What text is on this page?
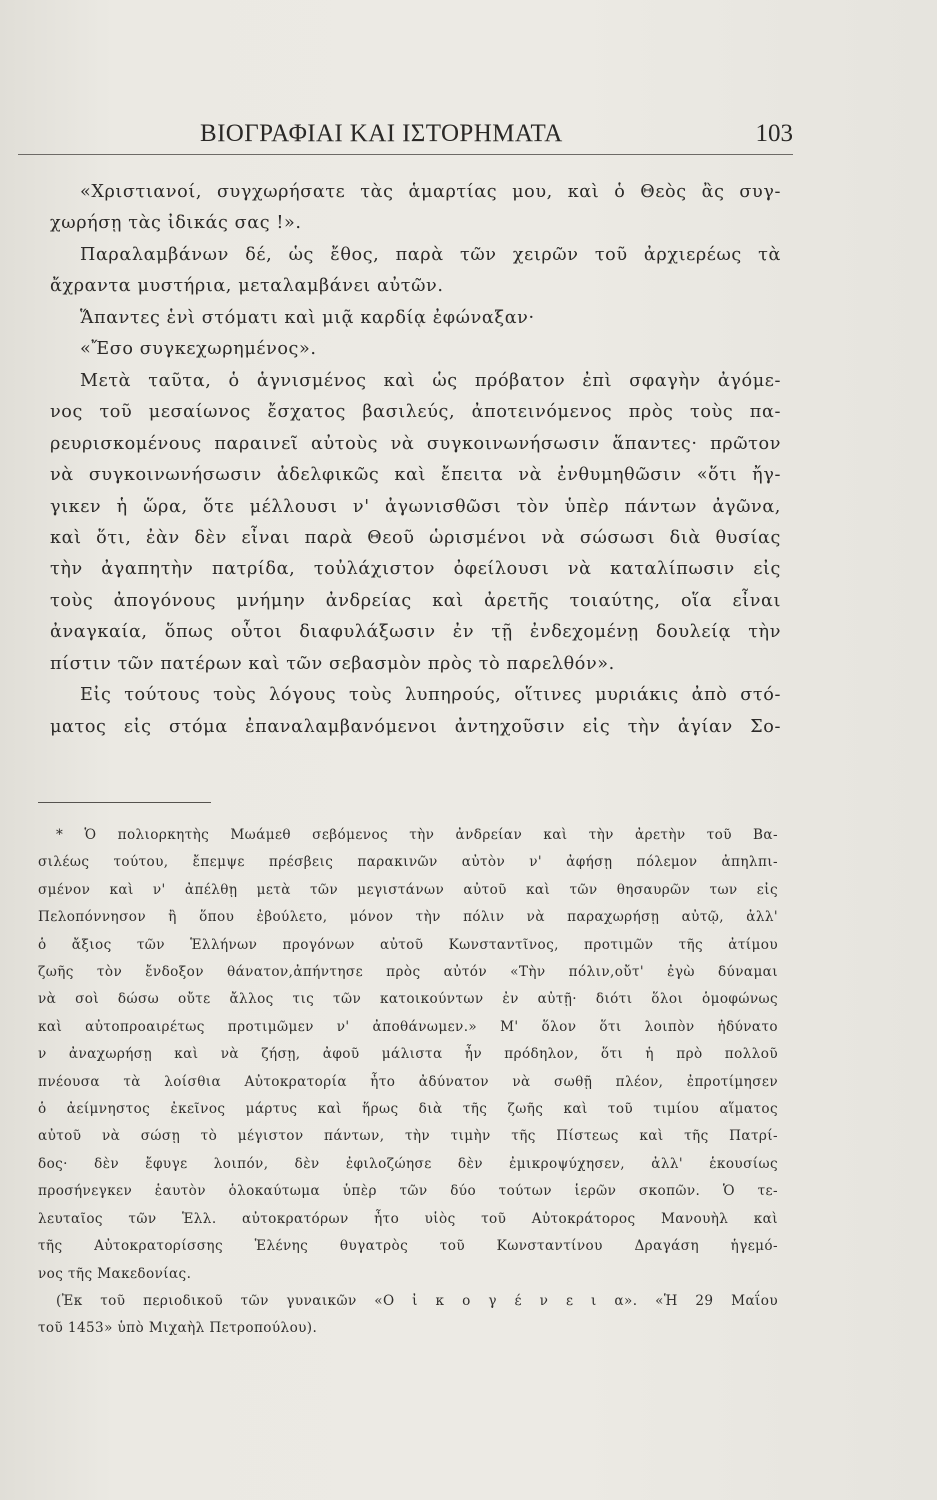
ΒΙΟΓΡΑΦΙΑΙ ΚΑΙ ΙΣΤΟΡΗΜΑΤΑ	103
«Χριστιανοί, συγχωρήσατε τὰς ἁμαρτίας μου, καὶ ὁ Θεὸς ἂς συγ-
χωρήσῃ τὰς ἰδικάς σας !».
Παραλαμβάνων δέ, ὡς ἔθος, παρὰ τῶν χειρῶν τοῦ ἀρχιερέως τὰ
ἄχραντα μυστήρια, μεταλαμβάνει αὐτῶν.
Ἅπαντες ἑνὶ στόματι καὶ μιᾷ καρδίᾳ ἐφώναξαν·
«Ἔσο συγκεχωρημένος».
Μετὰ ταῦτα, ὁ ἁγνισμένος καὶ ὡς πρόβατον ἐπὶ σφαγὴν ἀγόμε-
νος τοῦ μεσαίωνος ἔσχατος βασιλεύς, ἀποτεινόμενος πρὸς τοὺς πα-
ρευρισκομένους παραινεῖ αὐτοὺς νὰ συγκοινωνήσωσιν ἅπαντες· πρῶτον
νὰ συγκοινωνήσωσιν ἀδελφικῶς καὶ ἔπειτα νὰ ἐνθυμηθῶσιν «ὅτι ἤγ-
γικεν ἡ ὥρα, ὅτε μέλλουσι ν' ἀγωνισθῶσι τὸν ὑπὲρ πάντων ἀγῶνα,
καὶ ὅτι, ἐὰν δὲν εἶναι παρὰ Θεοῦ ὡρισμένοι νὰ σώσωσι διὰ θυσίας
τὴν ἀγαπητὴν πατρίδα, τοὐλάχιστον ὀφείλουσι νὰ καταλίπωσιν εἰς
τοὺς ἀπογόνους μνήμην ἀνδρείας καὶ ἀρετῆς τοιαύτης, οἵα εἶναι
ἀναγκαία, ὅπως οὗτοι διαφυλάξωσιν ἐν τῇ ἐνδεχομένῃ δουλείᾳ τὴν
πίστιν τῶν πατέρων καὶ τῶν σεβασμὸν πρὸς τὸ παρελθόν».
Εἰς τούτους τοὺς λόγους τοὺς λυπηρούς, οἵτινες μυριάκις ἀπὸ στό-
ματος εἰς στόμα ἐπαναλαμβανόμενοι ἀντηχοῦσιν εἰς τὴν ἁγίαν Σο-
* Ὁ πολιορκητὴς Μωάμεθ σεβόμενος τὴν ἀνδρείαν καὶ τὴν ἀρετὴν τοῦ Βα-
σιλέως τούτου, ἔπεμψε πρέσβεις παρακινῶν αὐτὸν ν' ἀφήσῃ πόλεμον ἀπηλπι-
σμένον καὶ ν' ἀπέλθῃ μετὰ τῶν μεγιστάνων αὐτοῦ καὶ τῶν θησαυρῶν των εἰς
Πελοπόννησον ἢ ὅπου ἐβούλετο, μόνον τὴν πόλιν νὰ παραχωρήσῃ αὐτῷ, ἀλλ'
ὁ ἄξιος τῶν Ἑλλήνων προγόνων αὐτοῦ Κωνσταντῖνος, προτιμῶν τῆς ἀτίμου
ζωῆς τὸν ἔνδοξον θάνατον,ἀπήντησε πρὸς αὐτόν «Τὴν πόλιν,οὔτ' ἐγὼ δύναμαι
νὰ σοὶ δώσω οὔτε ἄλλος τις τῶν κατοικούντων ἐν αὐτῇ· διότι ὅλοι ὁμοφώνως
καὶ αὐτοπροαιρέτως προτιμῶμεν ν' ἀποθάνωμεν.» Μ' ὅλον ὅτι λοιπὸν ἠδύνατο
ν ἀναχωρήσῃ καὶ νὰ ζήσῃ, ἀφοῦ μάλιστα ἦν πρόδηλον, ὅτι ἡ πρὸ πολλοῦ
πνέουσα τὰ λοίσθια Αὐτοκρατορία ἦτο ἀδύνατον νὰ σωθῇ πλέον, ἐπροτίμησεν
ὁ ἀείμνηστος ἐκεῖνος μάρτυς καὶ ἥρως διὰ τῆς ζωῆς καὶ τοῦ τιμίου αἵματος
αὐτοῦ νὰ σώσῃ τὸ μέγιστον πάντων, τὴν τιμὴν τῆς Πίστεως καὶ τῆς Πατρί-
δος· δὲν ἔφυγε λοιπόν, δὲν ἐφιλοζώησε δὲν ἐμικροψύχησεν, ἀλλ' ἑκουσίως
προσήνεγκεν ἑαυτὸν ὁλοκαύτωμα ὑπὲρ τῶν δύο τούτων ἱερῶν σκοπῶν. Ὁ τε-
λευταῖος τῶν Ἑλλ. αὐτοκρατόρων ἦτο υἱὸς τοῦ Αὐτοκράτορος Μανουὴλ καὶ
τῆς Αὐτοκρατορίσσης Ἑλένης θυγατρὸς τοῦ Κωνσταντίνου Δραγάση ἡγεμό-
νος τῆς Μακεδονίας.
(Ἐκ τοῦ περιοδικοῦ τῶν γυναικῶν «Ο ἰ κ ο γ έ ν ε ι α». «Ἡ 29 Μαΐου
τοῦ 1453» ὑπὸ Μιχαὴλ Πετροπούλου).
